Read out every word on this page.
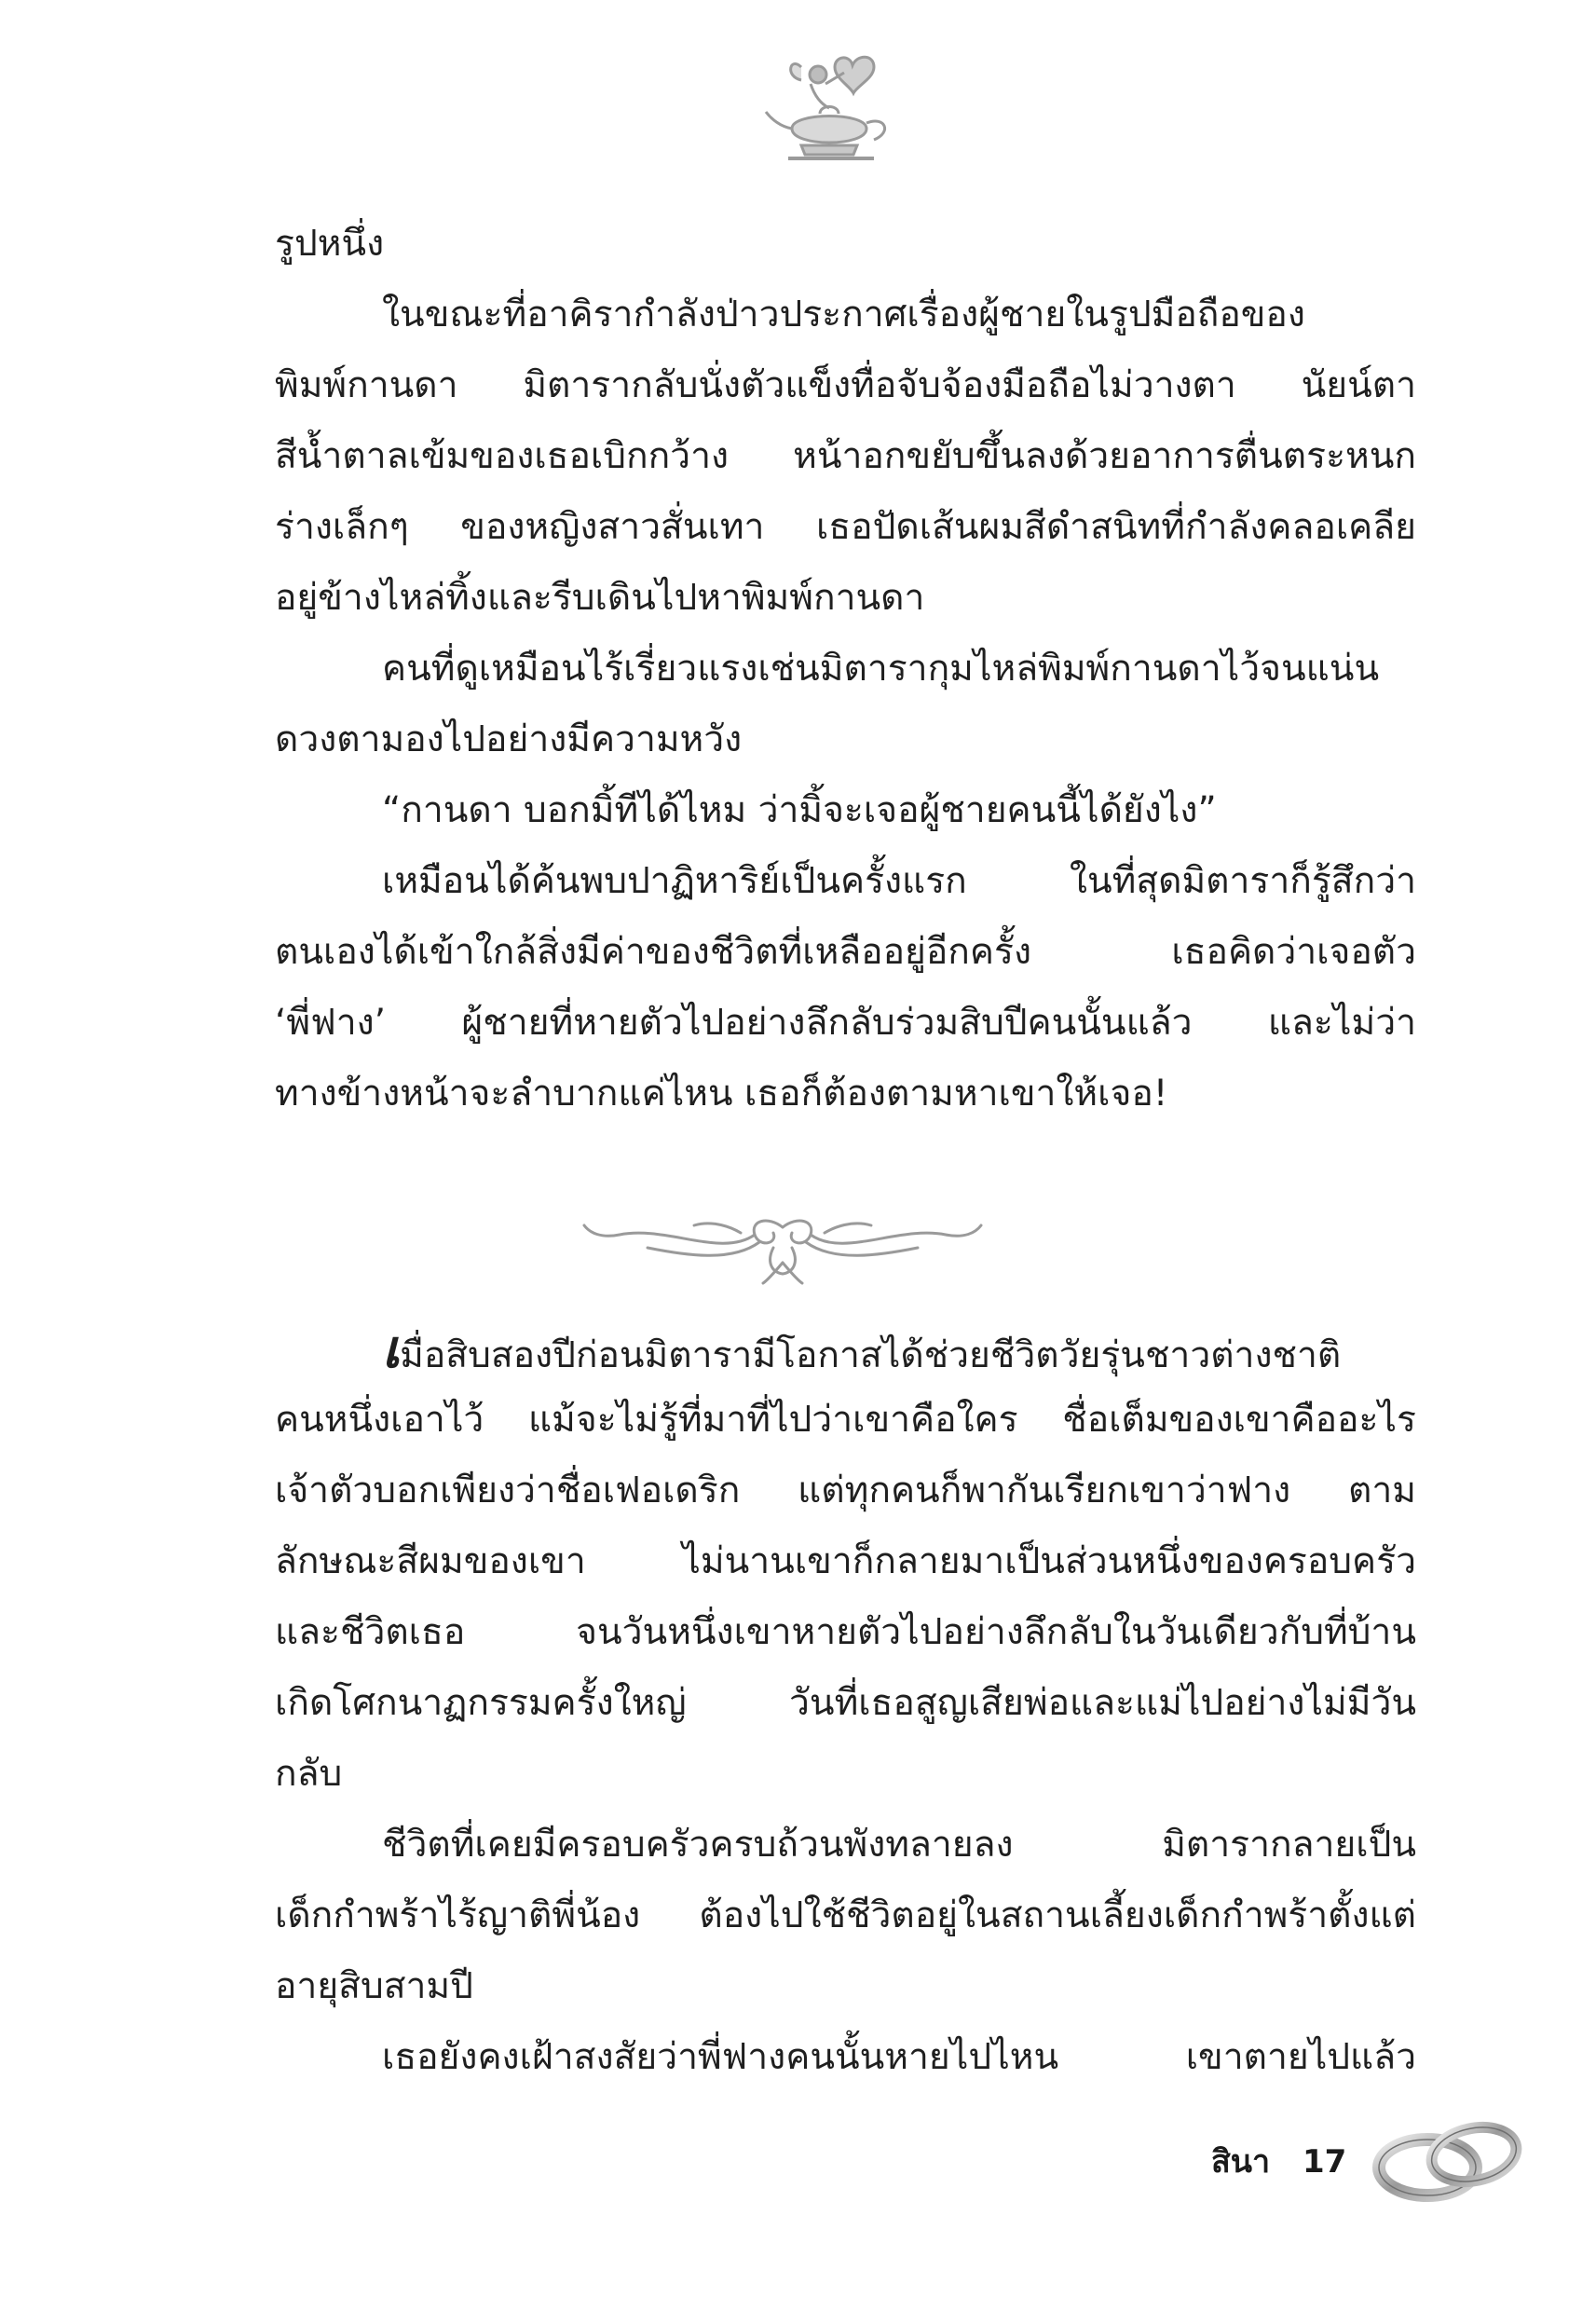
รูปหนึ่ง
ในขณะที่อาคิรากำลังป่าวประกาศเรื่องผู้ชายในรูปมือถือของ
พิมพ์กานดา มิตารากลับนั่งตัวแข็งทื่อจับจ้องมือถือไม่วางตา นัยน์ตา
สีน้ำตาลเข้มของเธอเบิกกว้าง หน้าอกขยับขึ้นลงด้วยอาการตื่นตระหนก
ร่างเล็กๆ ของหญิงสาวสั่นเทา เธอปัดเส้นผมสีดำสนิทที่กำลังคลอเคลีย
อยู่ข้างไหล่ทิ้งและรีบเดินไปหาพิมพ์กานดา
คนที่ดูเหมือนไร้เรี่ยวแรงเช่นมิตารากุมไหล่พิมพ์กานดาไว้จนแน่น
ดวงตามองไปอย่างมีความหวัง
“กานดา บอกมิ้ทีได้ไหม ว่ามิ้จะเจอผู้ชายคนนี้ได้ยังไง”
เหมือนได้ค้นพบปาฏิหาริย์เป็นครั้งแรก ในที่สุดมิตาราก็รู้สึกว่า
ตนเองได้เข้าใกล้สิ่งมีค่าของชีวิตที่เหลืออยู่อีกครั้ง เธอคิดว่าเจอตัว
‘พี่ฟาง’ ผู้ชายที่หายตัวไปอย่างลึกลับร่วมสิบปีคนนั้นแล้ว และไม่ว่า
ทางข้างหน้าจะลำบากแค่ไหน เธอก็ต้องตามหาเขาให้เจอ!
เมื่อสิบสองปีก่อนมิตารามีโอกาสได้ช่วยชีวิตวัยรุ่นชาวต่างชาติ
คนหนึ่งเอาไว้ แม้จะไม่รู้ที่มาที่ไปว่าเขาคือใคร ชื่อเต็มของเขาคืออะไร
เจ้าตัวบอกเพียงว่าชื่อเฟอเดริก แต่ทุกคนก็พากันเรียกเขาว่าฟาง ตาม
ลักษณะสีผมของเขา ไม่นานเขาก็กลายมาเป็นส่วนหนึ่งของครอบครัว
และชีวิตเธอ จนวันหนึ่งเขาหายตัวไปอย่างลึกลับในวันเดียวกับที่บ้าน
เกิดโศกนาฏกรรมครั้งใหญ่ วันที่เธอสูญเสียพ่อและแม่ไปอย่างไม่มีวัน
กลับ
ชีวิตที่เคยมีครอบครัวครบถ้วนพังทลายลง มิตารากลายเป็น
เด็กกำพร้าไร้ญาติพี่น้อง ต้องไปใช้ชีวิตอยู่ในสถานเลี้ยงเด็กกำพร้าตั้งแต่
อายุสิบสามปี
เธอยังคงเฝ้าสงสัยว่าพี่ฟางคนนั้นหายไปไหน เขาตายไปแล้ว
สินา 17
